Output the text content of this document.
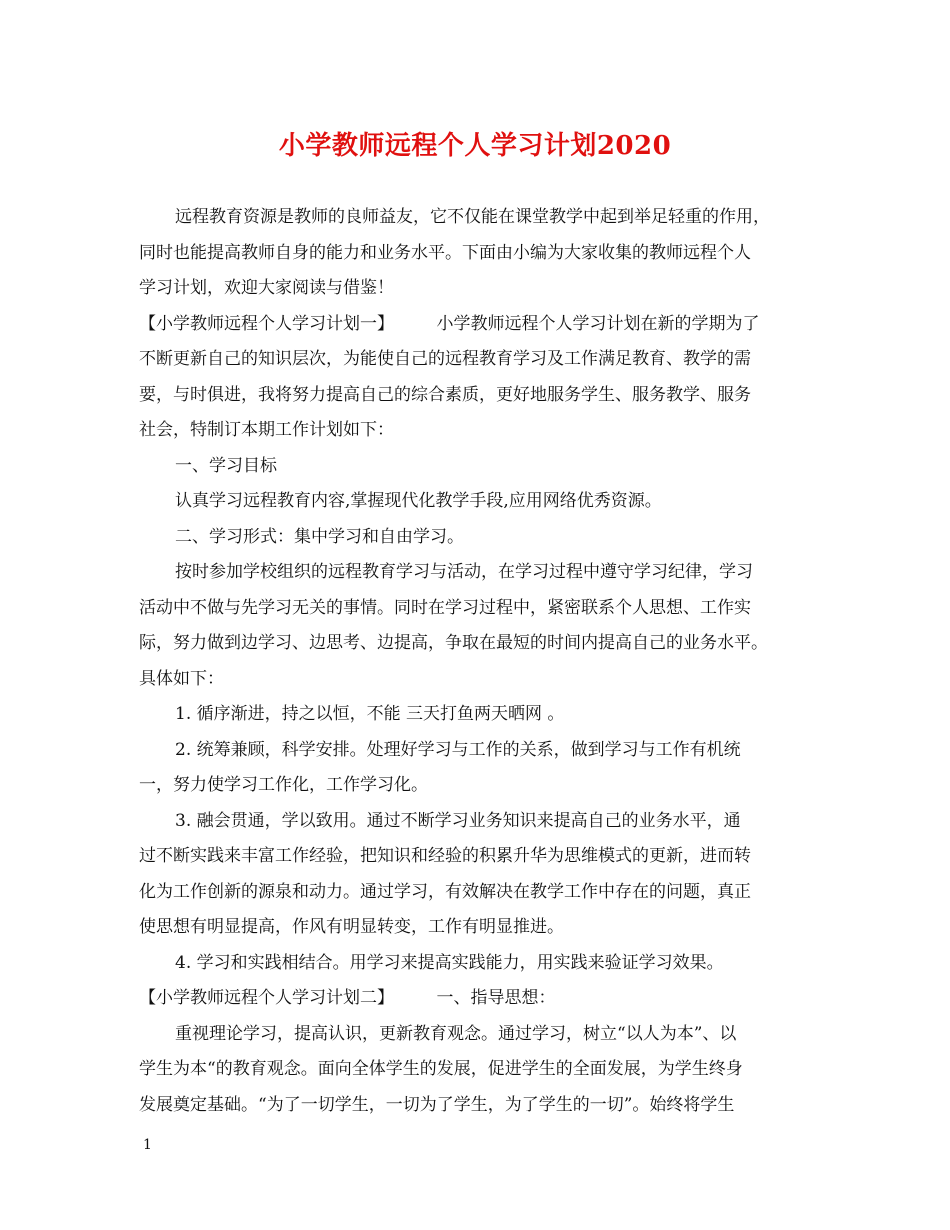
小学教师远程个人学习计划2020

远程教育资源是教师的良师益友，它不仅能在课堂教学中起到举足轻重的作用，

同时也能提高教师自身的能力和业务水平。下面由小编为大家收集的教师远程个人

学习计划，欢迎大家阅读与借鉴！

【小学教师远程个人学习计划一】　　　小学教师远程个人学习计划在新的学期为了

不断更新自己的知识层次，为能使自己的远程教育学习及工作满足教育、教学的需

要，与时俱进，我将努力提高自己的综合素质，更好地服务学生、服务教学、服务

社会，特制订本期工作计划如下：

一、学习目标

认真学习远程教育内容,掌握现代化教学手段,应用网络优秀资源。

二、学习形式：集中学习和自由学习。

按时参加学校组织的远程教育学习与活动，在学习过程中遵守学习纪律，学习

活动中不做与先学习无关的事情。同时在学习过程中，紧密联系个人思想、工作实

际，努力做到边学习、边思考、边提高，争取在最短的时间内提高自己的业务水平。

具体如下：

1. 循序渐进，持之以恒，不能 三天打鱼两天晒网 。

2. 统筹兼顾，科学安排。处理好学习与工作的关系，做到学习与工作有机统

一，努力使学习工作化，工作学习化。

3. 融会贯通，学以致用。通过不断学习业务知识来提高自己的业务水平，通

过不断实践来丰富工作经验，把知识和经验的积累升华为思维模式的更新，进而转

化为工作创新的源泉和动力。通过学习，有效解决在教学工作中存在的问题，真正

使思想有明显提高，作风有明显转变，工作有明显推进。

4. 学习和实践相结合。用学习来提高实践能力，用实践来验证学习效果。

【小学教师远程个人学习计划二】　　　一、指导思想：

重视理论学习，提高认识，更新教育观念。通过学习，树立“以人为本”、以

学生为本“的教育观念。面向全体学生的发展，促进学生的全面发展，为学生终身

发展奠定基础。“为了一切学生，一切为了学生，为了学生的一切”。始终将学生

1
